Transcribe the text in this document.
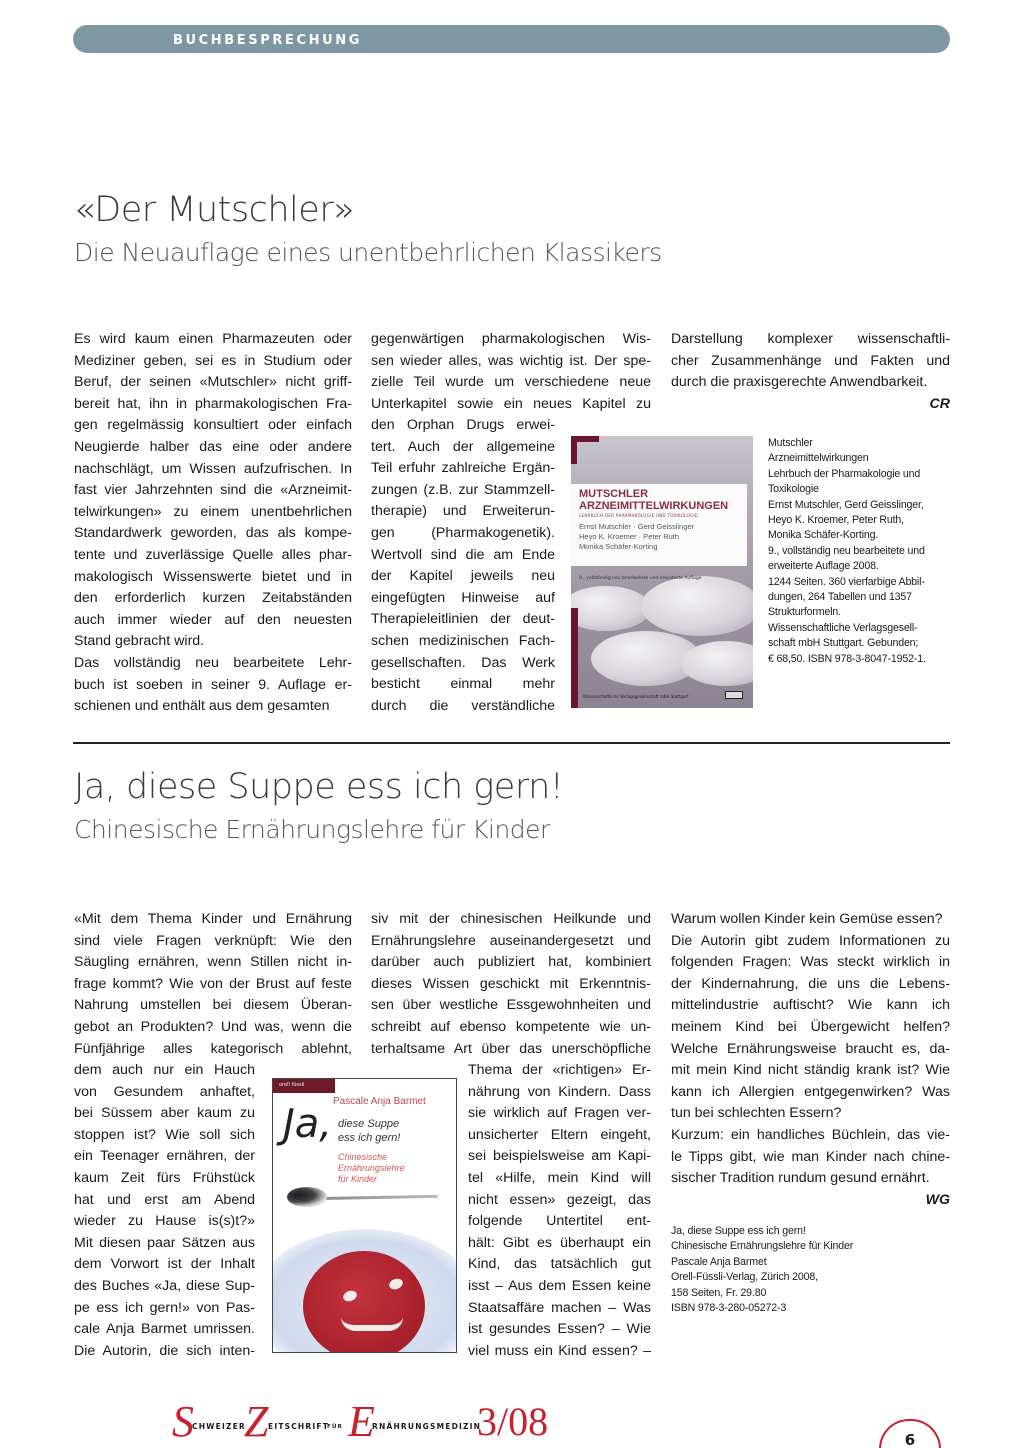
BUCHBESPRECHUNG
«Der Mutschler»
Die Neuauflage eines unentbehrlichen Klassikers
Es wird kaum einen Pharmazeuten oder
Mediziner geben, sei es in Studium oder
Beruf, der seinen «Mutschler» nicht griff-
bereit hat, ihn in pharmakologischen Fra-
gen regelmässig konsultiert oder einfach
Neugierde halber das eine oder andere
nachschlägt, um Wissen aufzufrischen. In
fast vier Jahrzehnten sind die «Arzneimit-
telwirkungen» zu einem unentbehrlichen
Standardwerk geworden, das als kompe-
tente und zuverlässige Quelle alles phar-
makologisch Wissenswerte bietet und in
den erforderlich kurzen Zeitabständen
auch immer wieder auf den neuesten
Stand gebracht wird.
Das vollständig neu bearbeitete Lehr-
buch ist soeben in seiner 9. Auflage er-
schienen und enthält aus dem gesamten
gegenwärtigen pharmakologischen Wis-
sen wieder alles, was wichtig ist. Der spe-
zielle Teil wurde um verschiedene neue
Unterkapitel sowie ein neues Kapitel zu
den Orphan Drugs erwei-
tert. Auch der allgemeine
Teil erfuhr zahlreiche Ergän-
zungen (z.B. zur Stammzell-
therapie) und Erweiterun-
gen (Pharmakogenetik).
Wertvoll sind die am Ende
der Kapitel jeweils neu
eingefügten Hinweise auf
Therapieleitlinien der deut-
schen medizinischen Fach-
gesellschaften. Das Werk
besticht einmal mehr
durch die verständliche
Darstellung komplexer wissenschaftli-
cher Zusammenhänge und Fakten und
durch die praxisgerechte Anwendbarkeit.
CR
MUTSCHLER
ARZNEIMITTELWIRKUNGEN
LEHRBUCH DER PHARMAKOLOGIE UND TOXIKOLOGIE
Ernst Mutschler · Gerd Geisslinger
Heyo K. Kroemer · Peter Ruth
Monika Schäfer-Korting
9., vollständig neu bearbeitete und erweiterte Auflage
Wissenschaftliche Verlagsgesellschaft mbH Stuttgart
Mutschler
Arzneimittelwirkungen
Lehrbuch der Pharmakologie und
Toxikologie
Ernst Mutschler, Gerd Geisslinger,
Heyo K. Kroemer, Peter Ruth,
Monika Schäfer-Korting.
9., vollständig neu bearbeitete und
erweiterte Auflage 2008.
1244 Seiten. 360 vierfarbige Abbil-
dungen, 264 Tabellen und 1357
Strukturformeln.
Wissenschaftliche Verlagsgesell-
schaft mbH Stuttgart. Gebunden;
€ 68,50. ISBN 978-3-8047-1952-1.
Ja, diese Suppe ess ich gern!
Chinesische Ernährungslehre für Kinder
«Mit dem Thema Kinder und Ernährung
sind viele Fragen verknüpft: Wie den
Säugling ernähren, wenn Stillen nicht in-
frage kommt? Wie von der Brust auf feste
Nahrung umstellen bei diesem Überan-
gebot an Produkten? Und was, wenn die
Fünfjährige alles kategorisch ablehnt,
dem auch nur ein Hauch
von Gesundem anhaftet,
bei Süssem aber kaum zu
stoppen ist? Wie soll sich
ein Teenager ernähren, der
kaum Zeit fürs Frühstück
hat und erst am Abend
wieder zu Hause is(s)t?»
Mit diesen paar Sätzen aus
dem Vorwort ist der Inhalt
des Buches «Ja, diese Sup-
pe ess ich gern!» von Pas-
cale Anja Barmet umrissen.
Die Autorin, die sich inten-
siv mit der chinesischen Heilkunde und
Ernährungslehre auseinandergesetzt und
darüber auch publiziert hat, kombiniert
dieses Wissen geschickt mit Erkenntnis-
sen über westliche Essgewohnheiten und
schreibt auf ebenso kompetente wie un-
terhaltsame Art über das unerschöpfliche
Thema der «richtigen» Er-
nährung von Kindern. Dass
sie wirklich auf Fragen ver-
unsicherter Eltern eingeht,
sei beispielsweise am Kapi-
tel «Hilfe, mein Kind will
nicht essen» gezeigt, das
folgende Untertitel ent-
hält: Gibt es überhaupt ein
Kind, das tatsächlich gut
isst – Aus dem Essen keine
Staatsaffäre machen – Was
ist gesundes Essen? – Wie
viel muss ein Kind essen? –
Warum wollen Kinder kein Gemüse essen?
Die Autorin gibt zudem Informationen zu
folgenden Fragen: Was steckt wirklich in
der Kindernahrung, die uns die Lebens-
mittelindustrie auftischt? Wie kann ich
meinem Kind bei Übergewicht helfen?
Welche Ernährungsweise braucht es, da-
mit mein Kind nicht ständig krank ist? Wie
kann ich Allergien entgegenwirken? Was
tun bei schlechten Essern?
Kurzum: ein handliches Büchlein, das vie-
le Tipps gibt, wie man Kinder nach chine-
sischer Tradition rundum gesund ernährt.
WG
orell füssli
Pascale Anja Barmet
Ja, diese Suppe
ess ich gern!
Chinesische
Ernährungslehre
für Kinder
Ja, diese Suppe ess ich gern!
Chinesische Ernährungslehre für Kinder
Pascale Anja Barmet
Orell-Füssli-Verlag, Zürich 2008,
158 Seiten, Fr. 29.80
ISBN 978-3-280-05272-3
S
CHWEIZER
Z EITSCHRIFT
FÜR E
RNÄHRUNGSMEDIZIN
3/08	6
